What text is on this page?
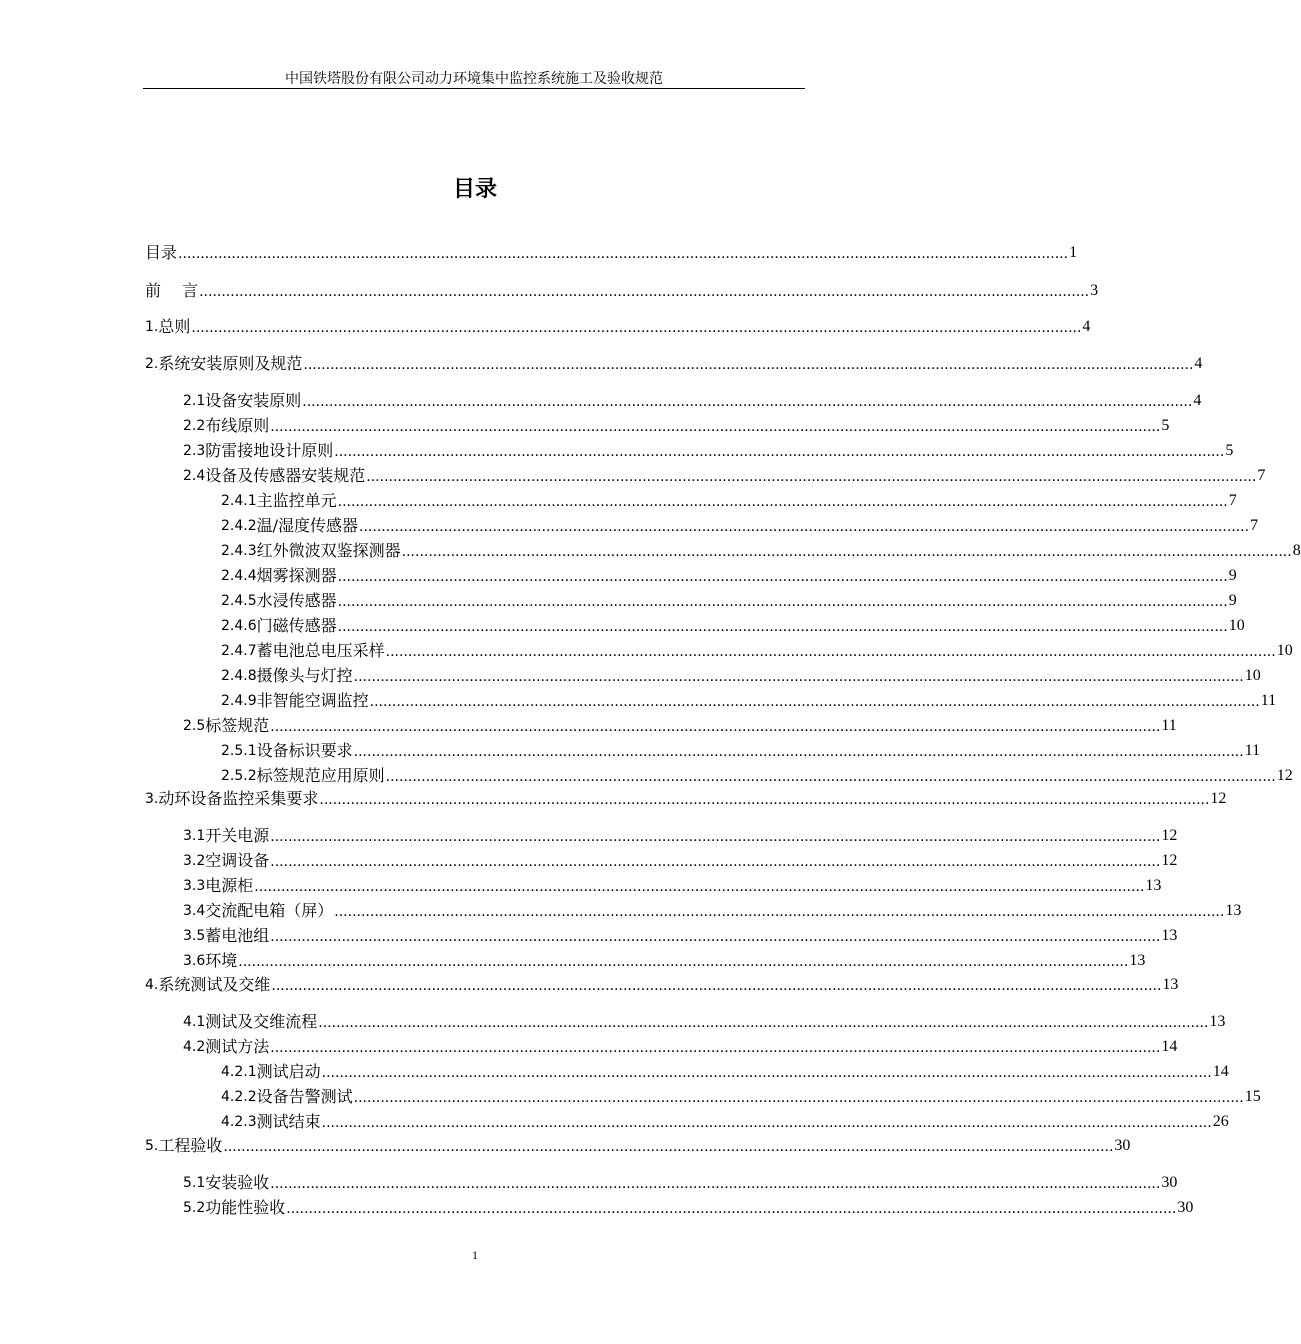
中国铁塔股份有限公司动力环境集中监控系统施工及验收规范
目录
目录 ........................................................................................................................................................................................................ 1
前　 言 ........................................................................................................................................................................................................ 3
1. 总则 ........................................................................................................................................................................................................ 4
2. 系统安装原则及规范 ........................................................................................................................................................................................................ 4
2.1 设备安装原则 ........................................................................................................................................................................................................ 4
2.2 布线原则 ........................................................................................................................................................................................................ 5
2.3 防雷接地设计原则 ........................................................................................................................................................................................................ 5
2.4 设备及传感器安装规范 ........................................................................................................................................................................................................ 7
2.4.1 主监控单元 ........................................................................................................................................................................................................ 7
2.4.2 温/湿度传感器 ........................................................................................................................................................................................................ 7
2.4.3 红外微波双鉴探测器 ........................................................................................................................................................................................................ 8
2.4.4 烟雾探测器 ........................................................................................................................................................................................................ 9
2.4.5 水浸传感器 ........................................................................................................................................................................................................ 9
2.4.6 门磁传感器 ........................................................................................................................................................................................................ 10
2.4.7 蓄电池总电压采样 ........................................................................................................................................................................................................ 10
2.4.8 摄像头与灯控 ........................................................................................................................................................................................................ 10
2.4.9 非智能空调监控 ........................................................................................................................................................................................................ 11
2.5 标签规范 ........................................................................................................................................................................................................ 11
2.5.1 设备标识要求 ........................................................................................................................................................................................................ 11
2.5.2 标签规范应用原则 ........................................................................................................................................................................................................ 12
3. 动环设备监控采集要求 ........................................................................................................................................................................................................ 12
3.1 开关电源 ........................................................................................................................................................................................................ 12
3.2 空调设备 ........................................................................................................................................................................................................ 12
3.3 电源柜 ........................................................................................................................................................................................................ 13
3.4 交流配电箱（屏） ........................................................................................................................................................................................................ 13
3.5 蓄电池组 ........................................................................................................................................................................................................ 13
3.6 环境 ........................................................................................................................................................................................................ 13
4. 系统测试及交维 ........................................................................................................................................................................................................ 13
4.1 测试及交维流程 ........................................................................................................................................................................................................ 13
4.2 测试方法 ........................................................................................................................................................................................................ 14
4.2.1 测试启动 ........................................................................................................................................................................................................ 14
4.2.2 设备告警测试 ........................................................................................................................................................................................................ 15
4.2.3 测试结束 ........................................................................................................................................................................................................ 26
5. 工程验收 ........................................................................................................................................................................................................ 30
5.1 安装验收 ........................................................................................................................................................................................................ 30
5.2 功能性验收 ........................................................................................................................................................................................................ 30
1
